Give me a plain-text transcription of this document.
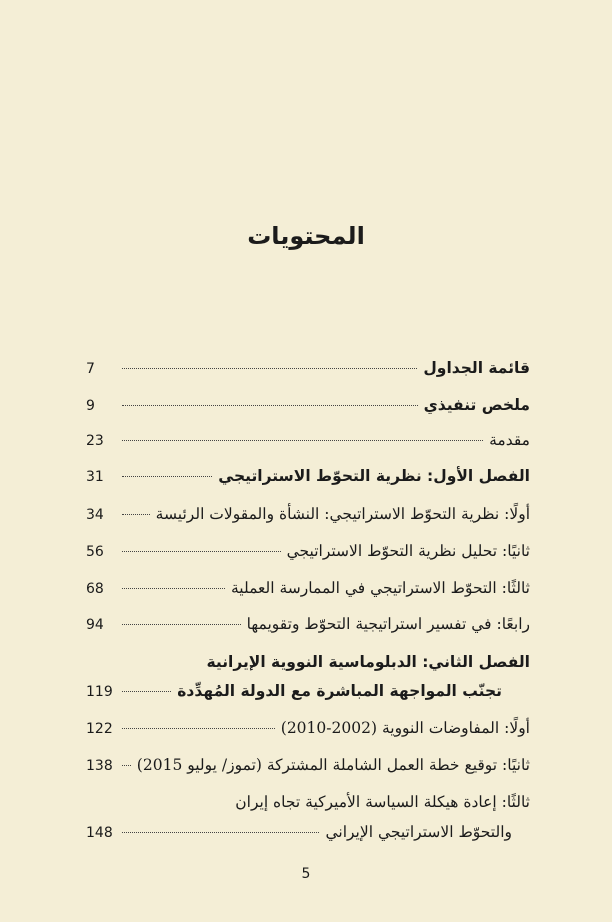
المحتويات
قائمة الجداول
7
ملخص تنفيذي
9
مقدمة
23
الفصل الأول: نظرية التحوّط الاستراتيجي
31
أولًا: نظرية التحوّط الاستراتيجي: النشأة والمقولات الرئيسة
34
ثانيًا: تحليل نظرية التحوّط الاستراتيجي
56
ثالثًا: التحوّط الاستراتيجي في الممارسة العملية
68
رابعًا: في تفسير استراتيجية التحوّط وتقويمها
94
الفصل الثاني: الدبلوماسية النووية الإيرانية
تجنّب المواجهة المباشرة مع الدولة المُهدِّدة
119
أولًا: المفاوضات النووية (2002-2010)
122
ثانيًا: توقيع خطة العمل الشاملة المشتركة (تموز/ يوليو 2015)
138
ثالثًا: إعادة هيكلة السياسة الأميركية تجاه إيران
والتحوّط الاستراتيجي الإيراني
148
5
